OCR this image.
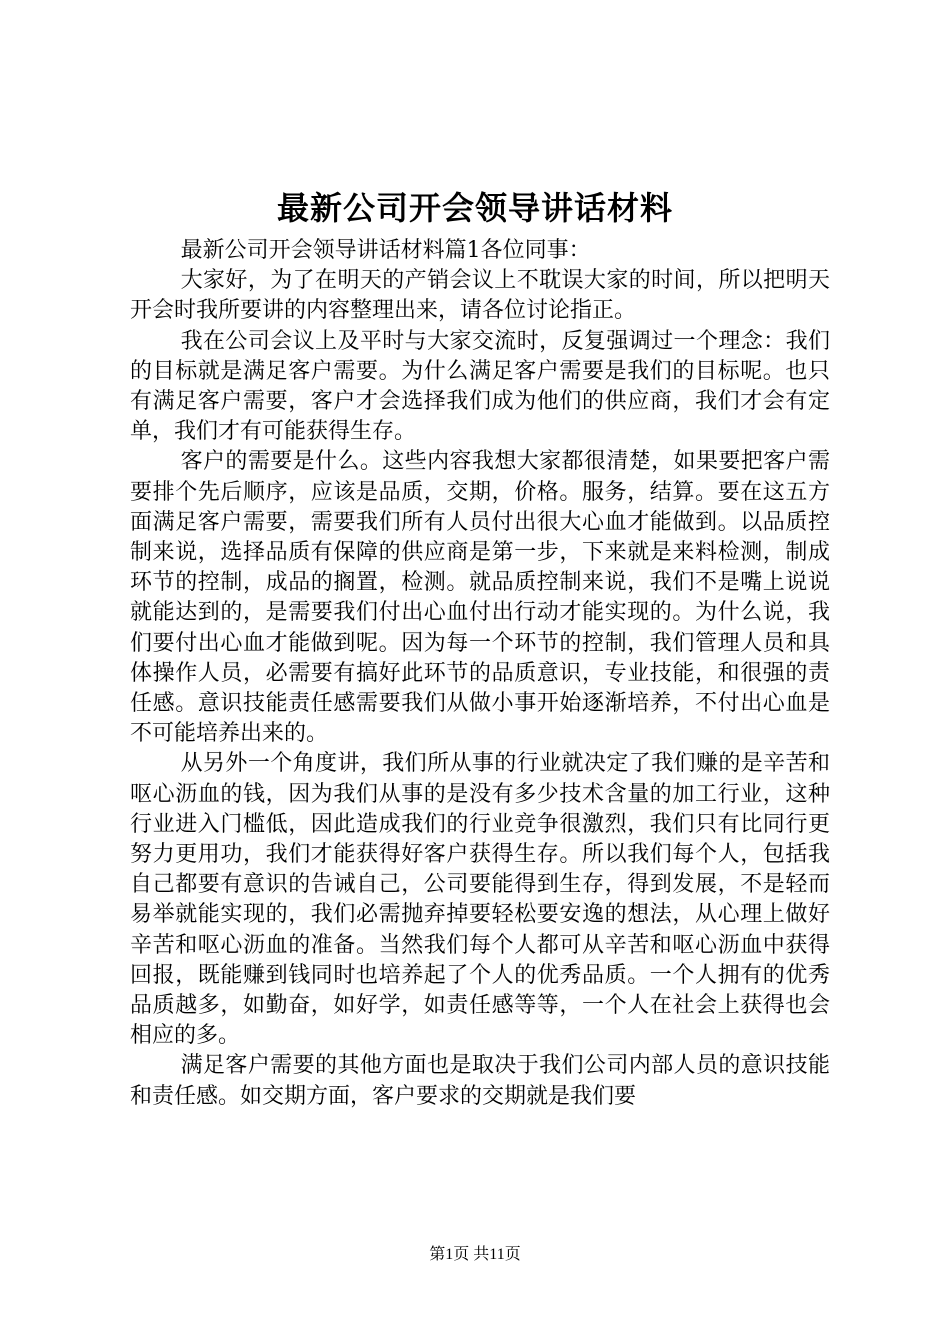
最新公司开会领导讲话材料

最新公司开会领导讲话材料篇1各位同事：

大家好，为了在明天的产销会议上不耽误大家的时间，所以把明天开会时我所要讲的内容整理出来，请各位讨论指正。

我在公司会议上及平时与大家交流时，反复强调过一个理念：我们的目标就是满足客户需要。为什么满足客户需要是我们的目标呢。也只有满足客户需要，客户才会选择我们成为他们的供应商，我们才会有定单，我们才有可能获得生存。

客户的需要是什么。这些内容我想大家都很清楚，如果要把客户需要排个先后顺序，应该是品质，交期，价格。服务，结算。要在这五方面满足客户需要，需要我们所有人员付出很大心血才能做到。以品质控制来说，选择品质有保障的供应商是第一步，下来就是来料检测，制成环节的控制，成品的搁置，检测。就品质控制来说，我们不是嘴上说说就能达到的，是需要我们付出心血付出行动才能实现的。为什么说，我们要付出心血才能做到呢。因为每一个环节的控制，我们管理人员和具体操作人员，必需要有搞好此环节的品质意识，专业技能，和很强的责任感。意识技能责任感需要我们从做小事开始逐渐培养，不付出心血是不可能培养出来的。

从另外一个角度讲，我们所从事的行业就决定了我们赚的是辛苦和呕心沥血的钱，因为我们从事的是没有多少技术含量的加工行业，这种行业进入门槛低，因此造成我们的行业竞争很激烈，我们只有比同行更努力更用功，我们才能获得好客户获得生存。所以我们每个人，包括我自己都要有意识的告诫自己，公司要能得到生存，得到发展，不是轻而易举就能实现的，我们必需抛弃掉要轻松要安逸的想法，从心理上做好辛苦和呕心沥血的准备。当然我们每个人都可从辛苦和呕心沥血中获得回报，既能赚到钱同时也培养起了个人的优秀品质。一个人拥有的优秀品质越多，如勤奋，如好学，如责任感等等，一个人在社会上获得也会相应的多。

满足客户需要的其他方面也是取决于我们公司内部人员的意识技能和责任感。如交期方面，客户要求的交期就是我们要

第1页 共11页
